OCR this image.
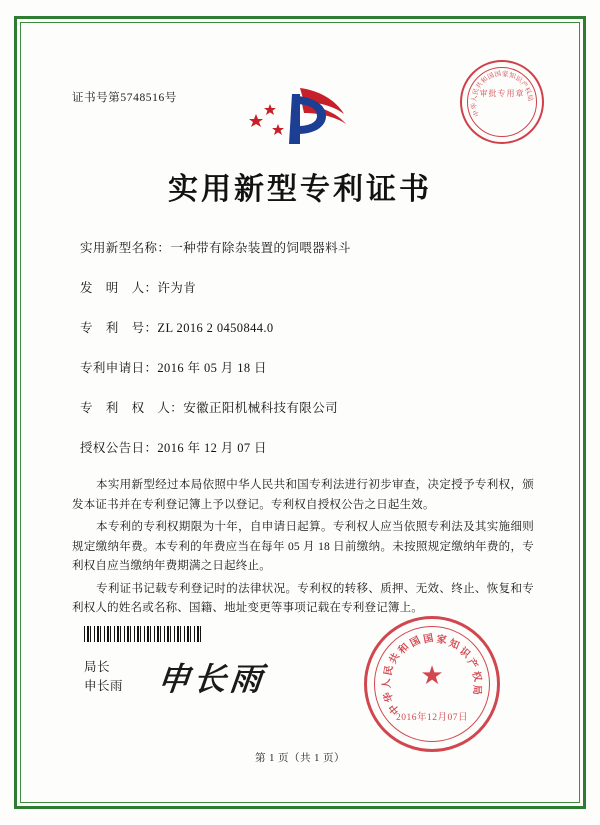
证书号第5748516号
中
华
人
民
共
和
国
国 家 知
识
产
权
局
审批专用章
实用新型专利证书
实用新型名称：一种带有除杂装置的饲喂器料斗
发　明　人：许为肯
专　利　号：ZL 2016 2 0450844.0
专利申请日：2016 年 05 月 18 日
专　利　权　人：安徽正阳机械科技有限公司
授权公告日：2016 年 12 月 07 日

本实用新型经过本局依照中华人民共和国专利法进行初步审查，决定授予专利权，颁发本证书并在专利登记簿上予以登记。专利权自授权公告之日起生效。

本专利的专利权期限为十年，自申请日起算。专利权人应当依照专利法及其实施细则规定缴纳年费。本专利的年费应当在每年 05 月 18 日前缴纳。未按照规定缴纳年费的，专利权自应当缴纳年费期满之日起终止。

专利证书记载专利登记时的法律状况。专利权的转移、质押、无效、终止、恢复和专利权人的姓名或名称、国籍、地址变更等事项记载在专利登记簿上。

局长
申长雨 申长雨
中
华
人
民
共
和
国 国 家 知
识
产
权
局
★
2016年12月07日
第 1 页（共 1 页）
